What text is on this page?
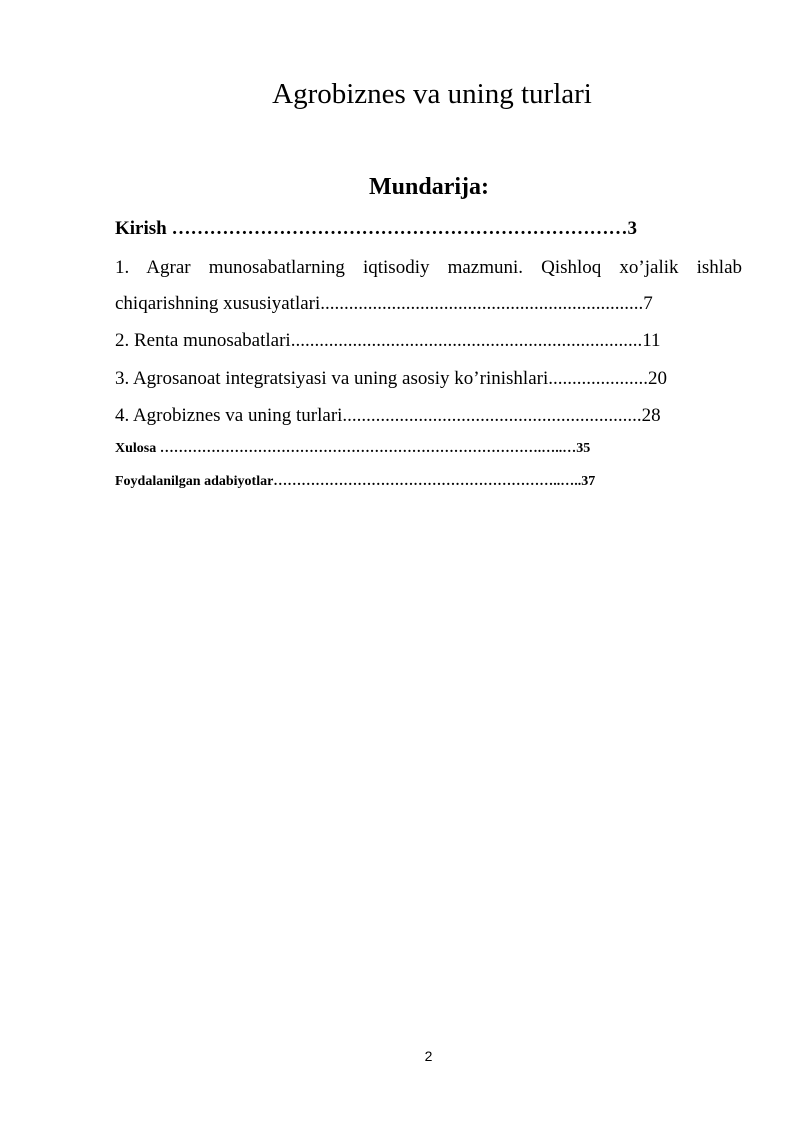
Agrobiznes va uning turlari
Mundarija:
Kirish ………………………………………………………………3
1. Agrar munosabatlarning iqtisodiy mazmuni. Qishloq xo’jalik ishlab
chiqarishning xususiyatlari....................................................................7
2. Renta munosabatlari..........................................................................11
3. Agrosanoat integratsiyasi va uning asosiy ko’rinishlari.....................20
4. Agrobiznes va uning turlari...............................................................28
Xulosa ……………………………………………………………………….…..…35
Foydalanilgan adabiyotlar……………………………………………………..…..37
2
